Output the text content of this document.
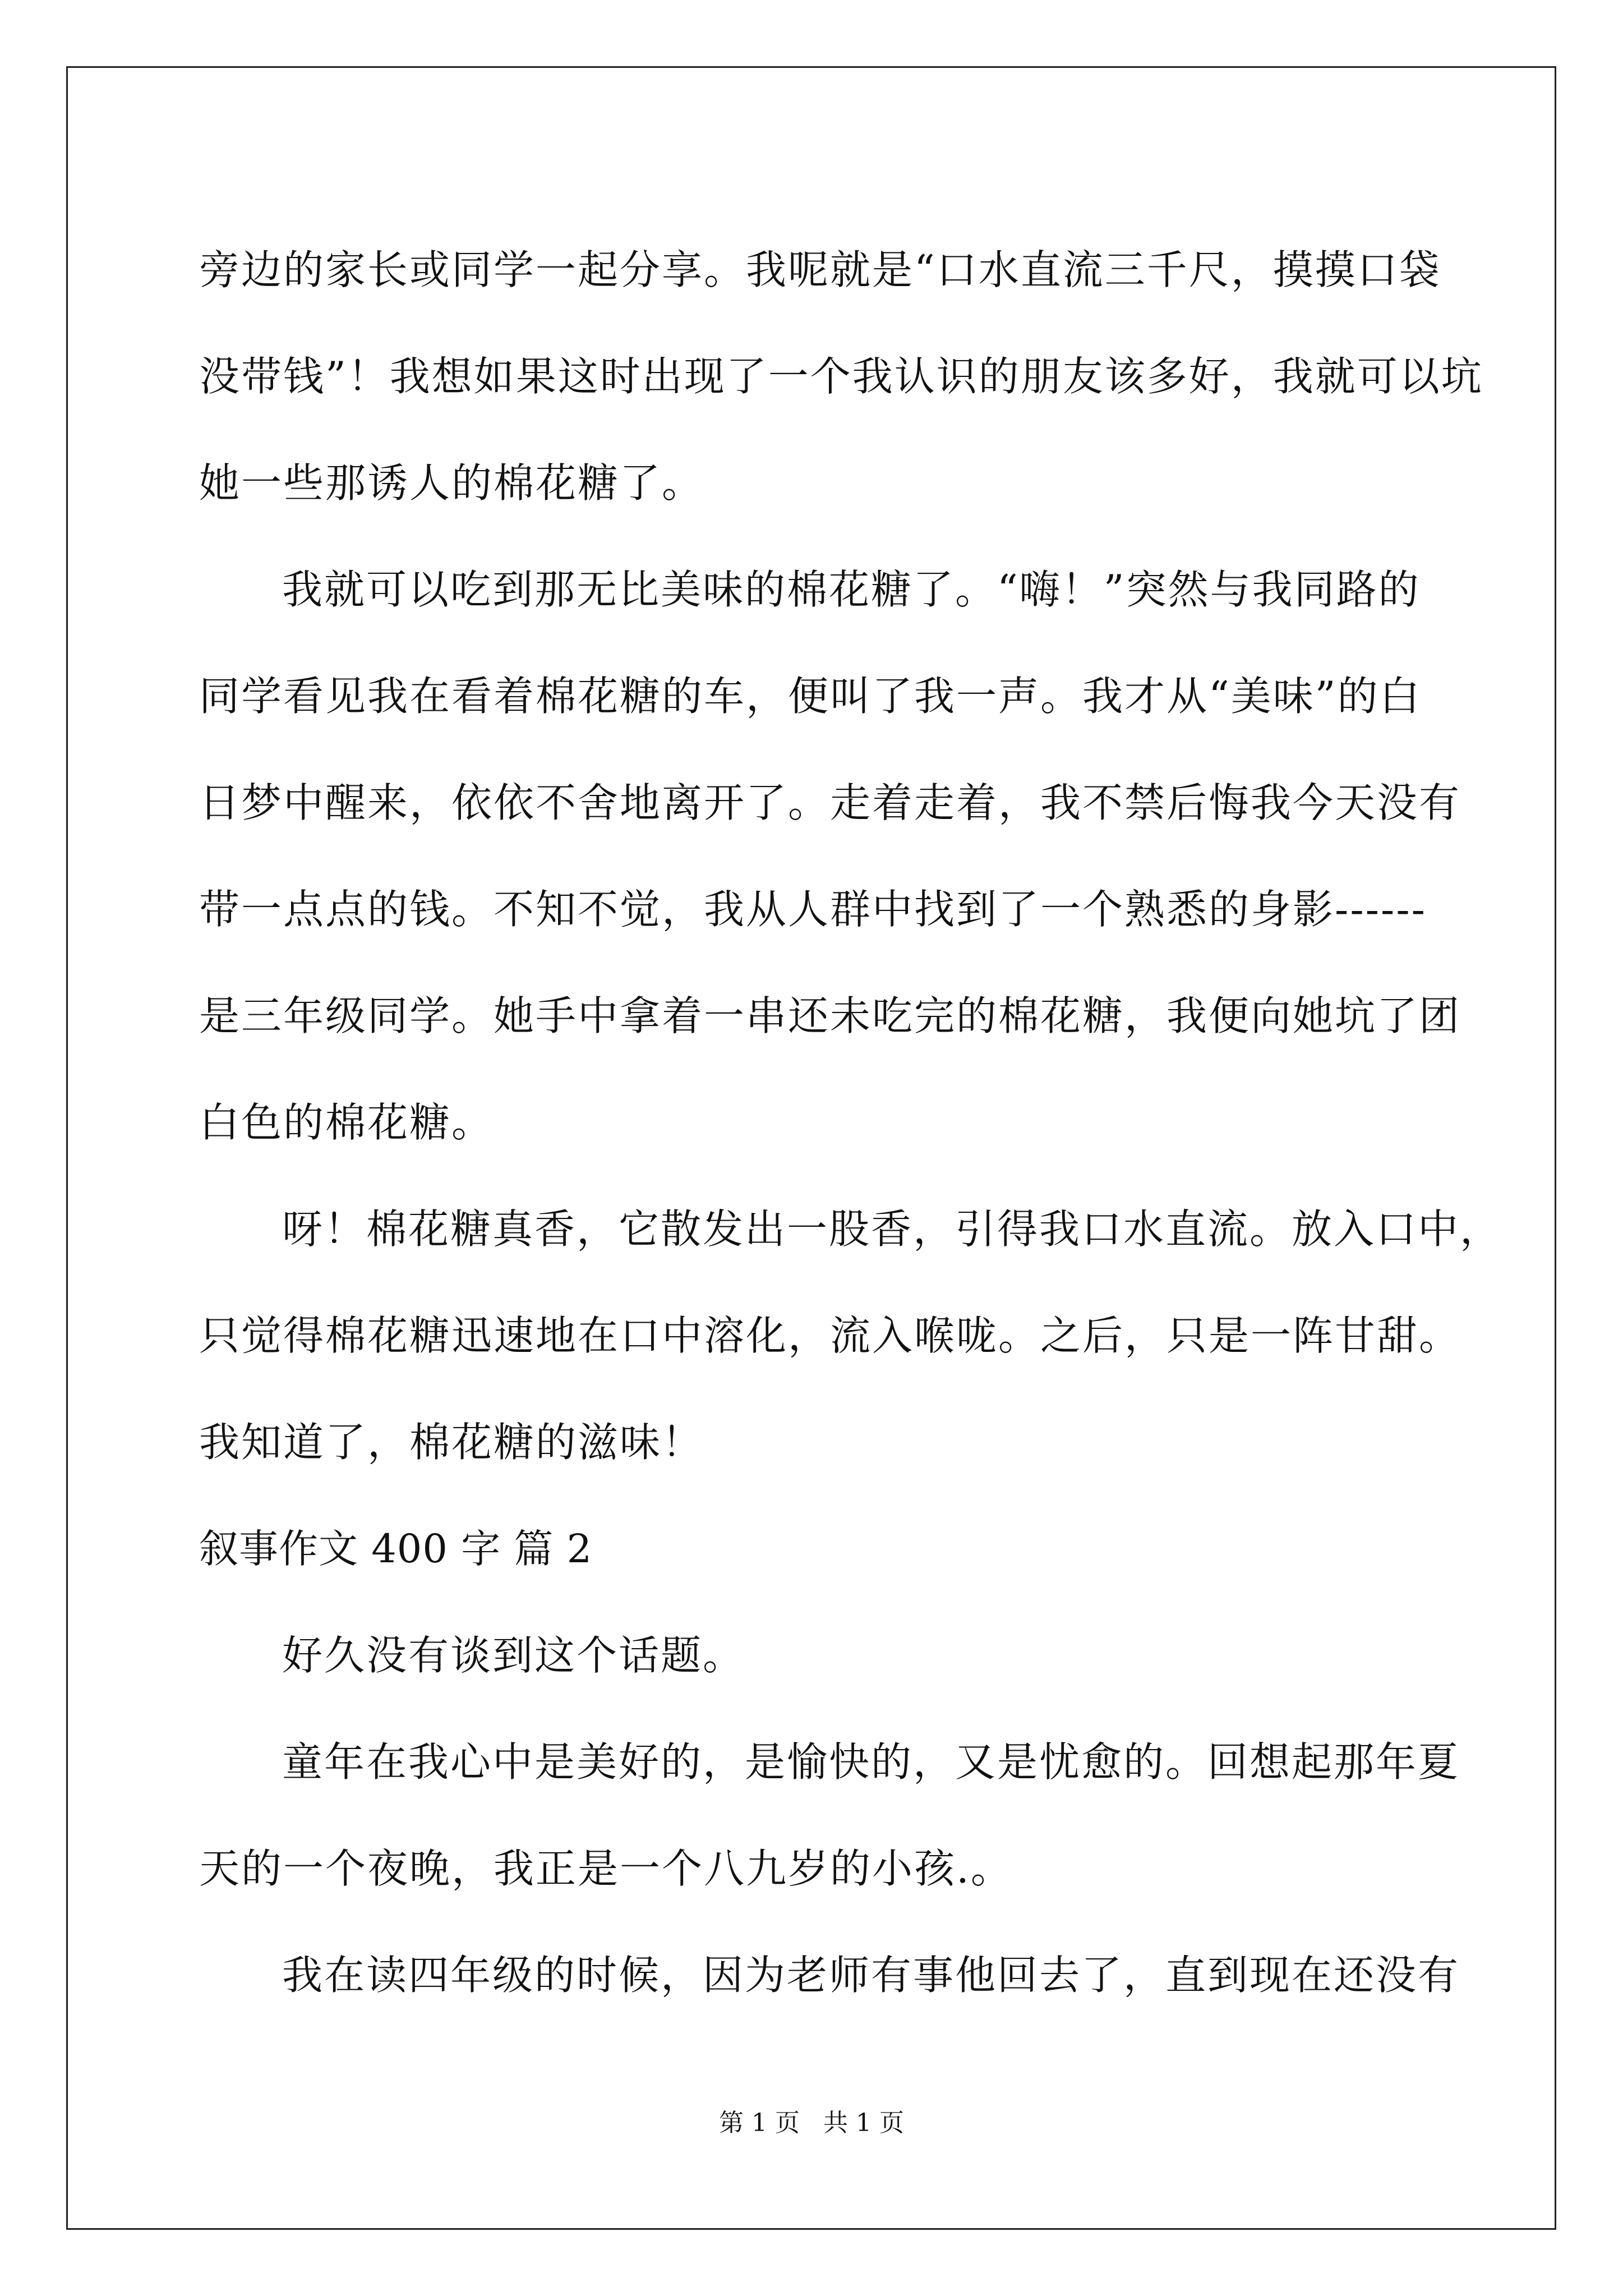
旁边的家长或同学一起分享。我呢就是“口水直流三千尺，摸摸口袋
没带钱”！我想如果这时出现了一个我认识的朋友该多好，我就可以坑
她一些那诱人的棉花糖了。
我就可以吃到那无比美味的棉花糖了。“嗨！”突然与我同路的
同学看见我在看着棉花糖的车，便叫了我一声。我才从“美味”的白
日梦中醒来，依依不舍地离开了。走着走着，我不禁后悔我今天没有
带一点点的钱。不知不觉，我从人群中找到了一个熟悉的身影------
是三年级同学。她手中拿着一串还未吃完的棉花糖，我便向她坑了团
白色的棉花糖。
呀！棉花糖真香，它散发出一股香，引得我口水直流。放入口中，
只觉得棉花糖迅速地在口中溶化，流入喉咙。之后，只是一阵甘甜。
我知道了，棉花糖的滋味！
叙事作文 400 字 篇 2
好久没有谈到这个话题。
童年在我心中是美好的，是愉快的，又是忧愈的。回想起那年夏
天的一个夜晚，我正是一个八九岁的小孩.。
我在读四年级的时候，因为老师有事他回去了，直到现在还没有
第 1 页
共 1 页
